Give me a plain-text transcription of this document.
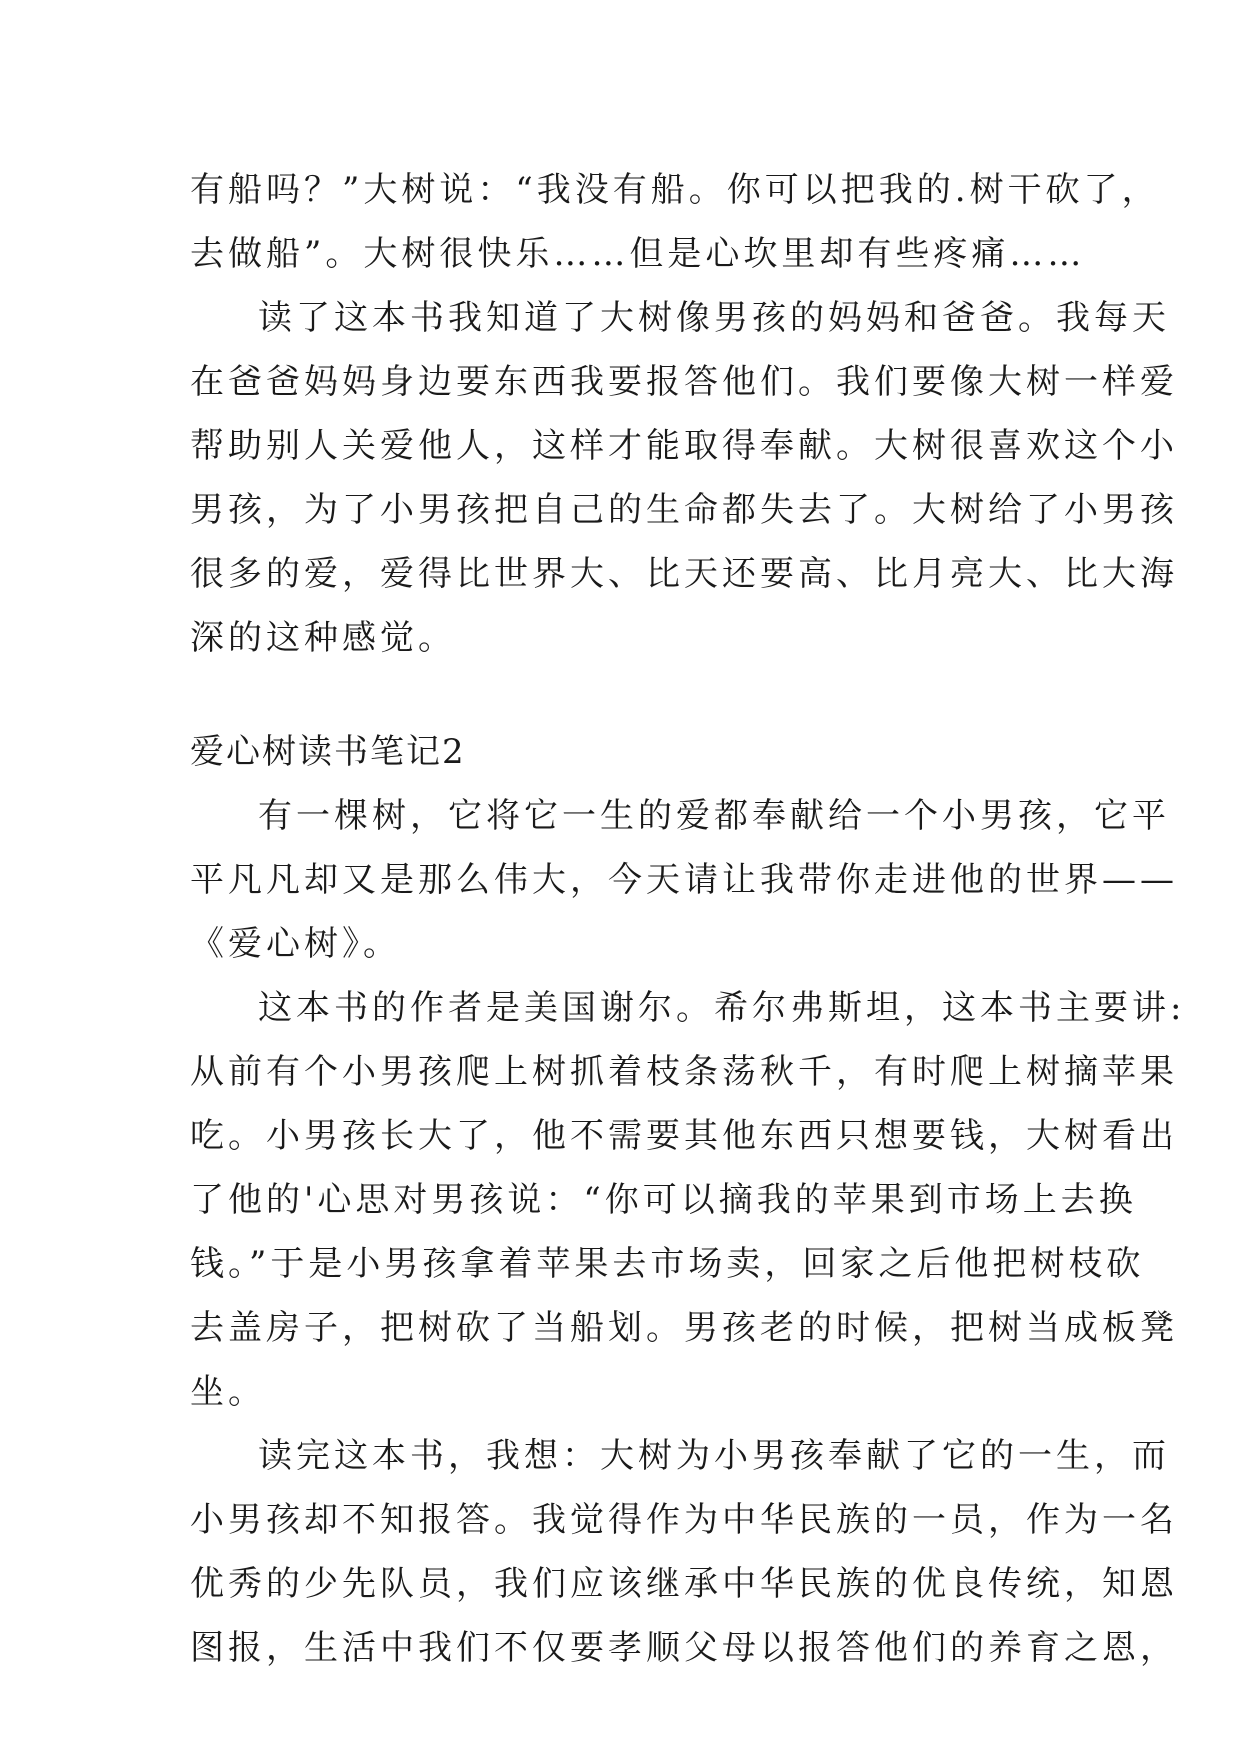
有船吗？”大树说：“我没有船。你可以把我的.树干砍了，
去做船”。大树很快乐……但是心坎里却有些疼痛……
读了这本书我知道了大树像男孩的妈妈和爸爸。我每天
在爸爸妈妈身边要东西我要报答他们。我们要像大树一样爱
帮助别人关爱他人，这样才能取得奉献。大树很喜欢这个小
男孩，为了小男孩把自己的生命都失去了。大树给了小男孩
很多的爱，爱得比世界大、比天还要高、比月亮大、比大海
深的这种感觉。
爱心树读书笔记2
有一棵树，它将它一生的爱都奉献给一个小男孩，它平
平凡凡却又是那么伟大，今天请让我带你走进他的世界——
《爱心树》。
这本书的作者是美国谢尔。希尔弗斯坦，这本书主要讲:
从前有个小男孩爬上树抓着枝条荡秋千，有时爬上树摘苹果
吃。小男孩长大了，他不需要其他东西只想要钱，大树看出
了他的'心思对男孩说：“你可以摘我的苹果到市场上去换
钱。”于是小男孩拿着苹果去市场卖，回家之后他把树枝砍
去盖房子，把树砍了当船划。男孩老的时候，把树当成板凳
坐。
读完这本书，我想：大树为小男孩奉献了它的一生，而
小男孩却不知报答。我觉得作为中华民族的一员，作为一名
优秀的少先队员，我们应该继承中华民族的优良传统，知恩
图报，生活中我们不仅要孝顺父母以报答他们的养育之恩，
